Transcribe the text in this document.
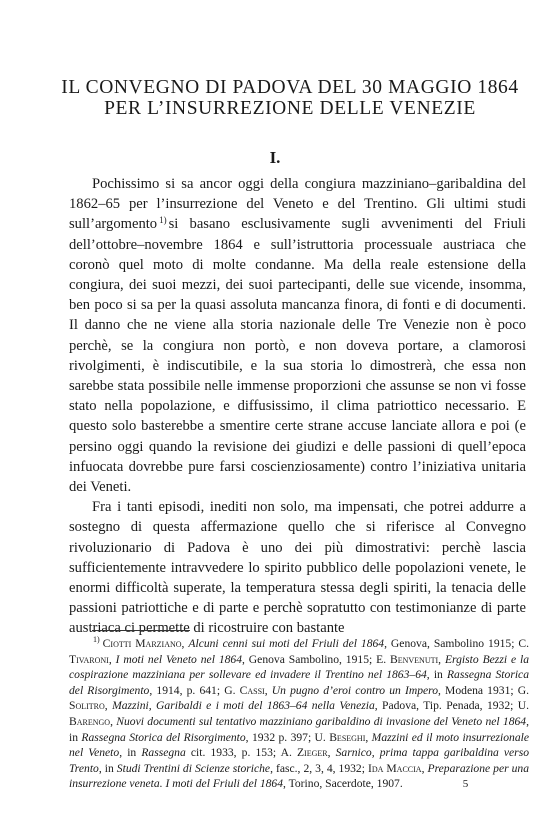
IL CONVEGNO DI PADOVA DEL 30 MAGGIO 1864
PER L’INSURREZIONE DELLE VENEZIE
I.

Pochissimo si sa ancor oggi della congiura mazziniano–garibaldina del 1862–65 per l’insurrezione del Veneto e del Trentino. Gli ultimi studi sull’argomento $^{1)}$ si basano esclusivamente sugli avvenimenti del Friuli dell’ottobre–novembre 1864 e sull’istruttoria processuale austriaca che coronò quel moto di molte condanne. Ma della reale estensione della congiura, dei suoi mezzi, dei suoi partecipanti, delle sue vicende, insomma, ben poco si sa per la quasi assoluta mancanza finora, di fonti e di documenti. Il danno che ne viene alla storia nazionale delle Tre Venezie non è poco perchè, se la congiura non portò, e non doveva portare, a clamorosi rivolgimenti, è indiscutibile, e la sua storia lo dimostrerà, che essa non sarebbe stata possibile nelle immense proporzioni che assunse se non vi fosse stato nella popolazione, e diffusissimo, il clima patriottico necessario. E questo solo basterebbe a smentire certe strane accuse lanciate allora e poi (e persino oggi quando la revisione dei giudizi e delle passioni di quell’epoca infuocata dovrebbe pure farsi coscienziosamente) contro l’iniziativa unitaria dei Veneti.

Fra i tanti episodi, inediti non solo, ma impensati, che potrei addurre a sostegno di questa affermazione quello che si riferisce al Convegno rivoluzionario di Padova è uno dei più dimostrativi: perchè lascia sufficientemente intravvedere lo spirito pubblico delle popolazioni venete, le enormi difficoltà superate, la temperatura stessa degli spiriti, la tenacia delle passioni patriottiche e di parte e perchè sopratutto con testimonianze di parte austriaca ci permette di ricostruire con bastante

$^{1)}$ Ciotti Marziano, Alcuni cenni sui moti del Friuli del 1864, Genova, Sambolino 1915; C. Tivaroni, I moti nel Veneto nel 1864, Genova Sambolino, 1915; E. Benvenuti, Ergisto Bezzi e la cospirazione mazziniana per sollevare ed invadere il Trentino nel 1863–64, in Rassegna Storica del Risorgimento, 1914, p. 641; G. Cassi, Un pugno d’eroi contro un Impero, Modena 1931; G. Solitro, Mazzini, Garibaldi e i moti del 1863–64 nella Venezia, Padova, Tip. Penada, 1932; U. Barengo, Nuovi documenti sul tentativo mazziniano garibaldino di invasione del Veneto nel 1864, in Rassegna Storica del Risorgimento, 1932 p. 397; U. Beseghi, Mazzini ed il moto insurrezionale nel Veneto, in Rassegna cit. 1933, p. 153; A. Zieger, Sarnico, prima tappa garibaldina verso Trento, in Studi Trentini di Scienze storiche, fasc., 2, 3, 4, 1932; Ida Maccia, Preparazione per una insurrezione veneta. I moti del Friuli del 1864, Torino, Sacerdote, 1907.	5
